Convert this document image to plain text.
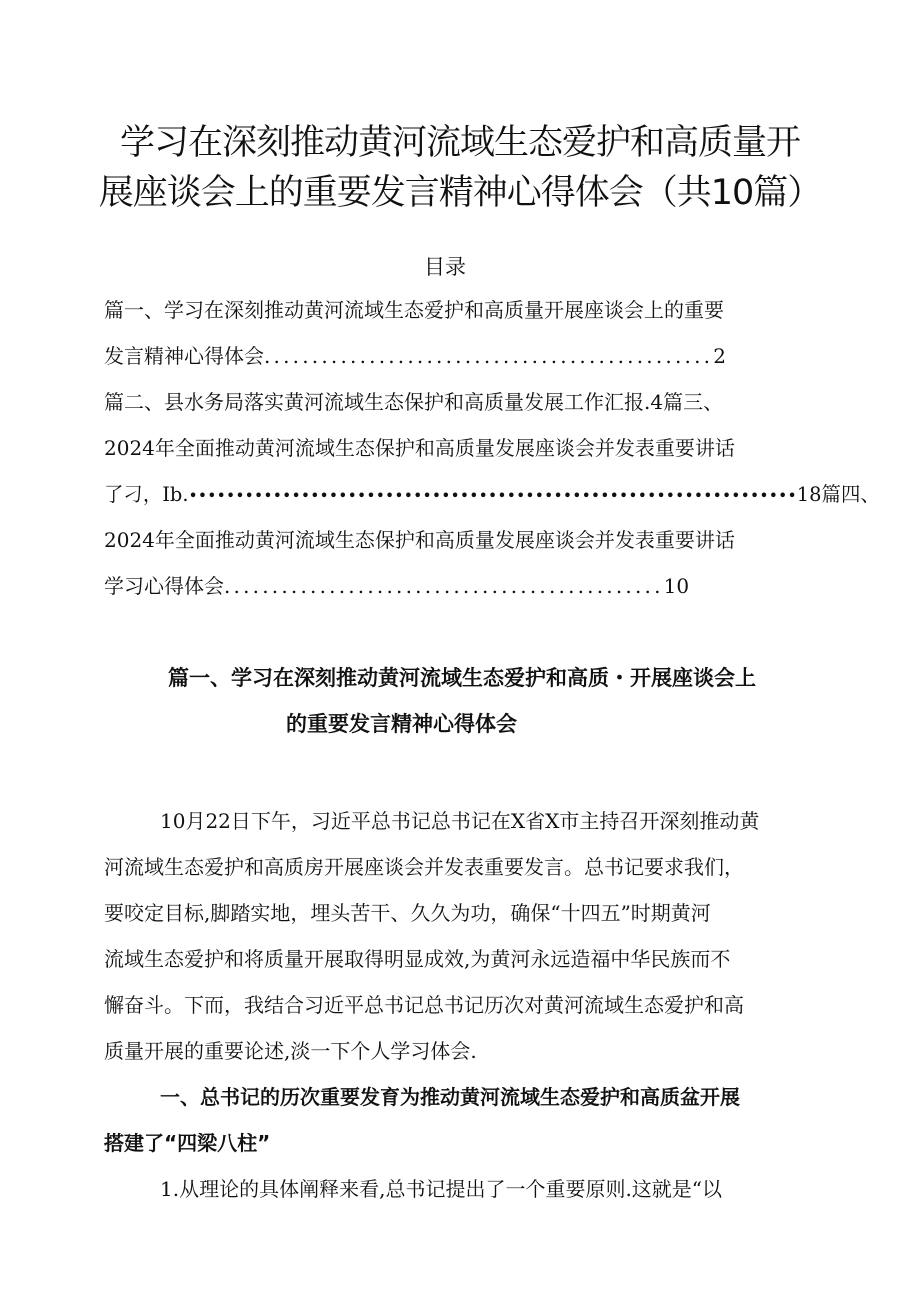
学习在深刻推动黄河流域生态爱护和高质量开
展座谈会上的重要发言精神心得体会（共10篇）
目录
篇一、学习在深刻推动黄河流域生态爱护和高质量开展座谈会上的重要
发言精神心得体会...............................................2
篇二、县水务局落实黄河流域生态保护和高质量发展工作汇报.4篇三、
2024年全面推动黄河流域生态保护和高质量发展座谈会并发表重要讲话
了刁，Ib.•••••••••••••••••••••••••••••••••••••••••••••••••••••••••••••••••18篇四、
2024年全面推动黄河流域生态保护和高质量发展座谈会并发表重要讲话
学习心得体会..............................................10
篇一、学习在深刻推动黄河流域生态爱护和高质・开展座谈会上
的重要发言精神心得体会
10月22日下午，习近平总书记总书记在X省X市主持召开深刻推动黄
河流域生态爱护和高质房开展座谈会并发表重要发言。总书记要求我们，
要咬定目标,脚踏实地，埋头苦干、久久为功，确保“十四五”时期黄河
流域生态爱护和将质量开展取得明显成效,为黄河永远造福中华民族而不
懈奋斗。下而，我结合习近平总书记总书记历次对黄河流域生态爱护和高
质量开展的重要论述,淡一下个人学习体会.
一、总书记的历次重要发育为推动黄河流域生态爱护和高质盆开展
搭建了“四梁八柱”
1.从理论的具体阐释来看,总书记提出了一个重要原则.这就是“以
